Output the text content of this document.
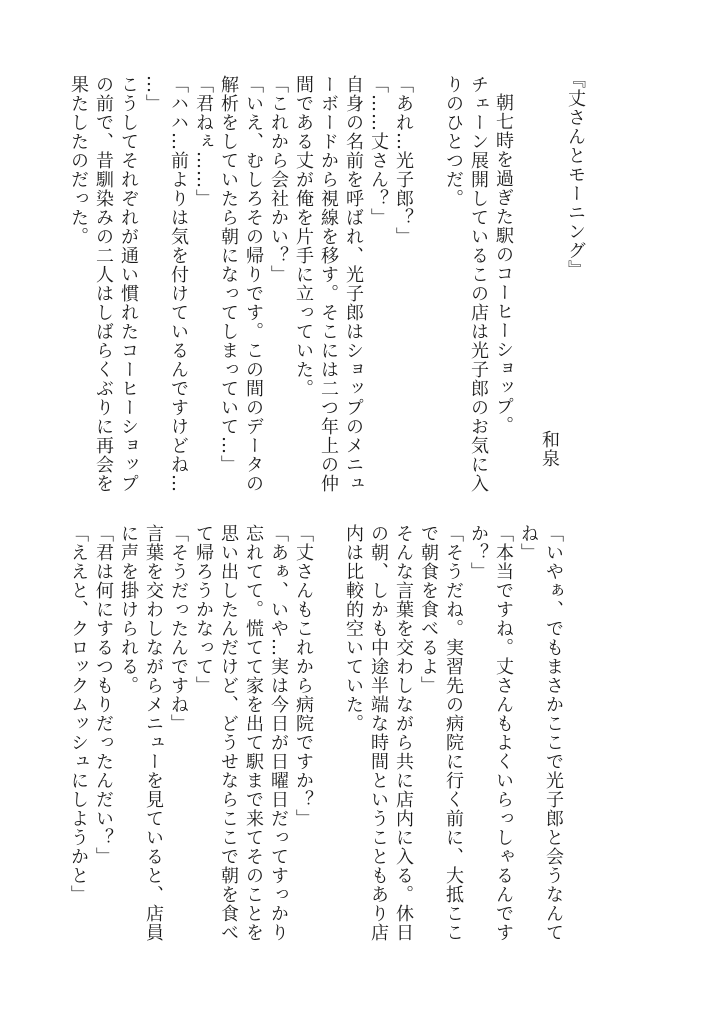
『丈さんとモーニング』
和泉
朝七時を過ぎた駅のコーヒーショップ。
チェーン展開しているこの店は光子郎のお気に入
りのひとつだ。
「あれ…光子郎？」
「……丈さん？」
自身の名前を呼ばれ、光子郎はショップのメニュ
ーボードから視線を移す。そこには二つ年上の仲
間である丈が俺を片手に立っていた。
「これから会社かい？」
「いえ、むしろその帰りです。この間のデータの
解析をしていたら朝になってしまっていて…」
「君ねぇ……」
「ハハ…前よりは気を付けているんですけどね…
…」
こうしてそれぞれが通い慣れたコーヒーショップ
の前で、昔馴染みの二人はしばらくぶりに再会を
果たしたのだった。
「いやぁ、でもまさかここで光子郎と会うなんて
ね」
「本当ですね。丈さんもよくいらっしゃるんです
か？」
「そうだね。実習先の病院に行く前に、大抵ここ
で朝食を食べるよ」
そんな言葉を交わしながら共に店内に入る。休日
の朝、しかも中途半端な時間ということもあり店
内は比較的空いていた。
「丈さんもこれから病院ですか？」
「あぁ、いや…実は今日が日曜日だってすっかり
忘れてて。慌てて家を出て駅まで来てそのことを
思い出したんだけど、どうせならここで朝を食べ
て帰ろうかなって」
「そうだったんですね」
言葉を交わしながらメニューを見ていると、店員
に声を掛けられる。
「君は何にするつもりだったんだい？」
「ええと、クロックムッシュにしようかと」
